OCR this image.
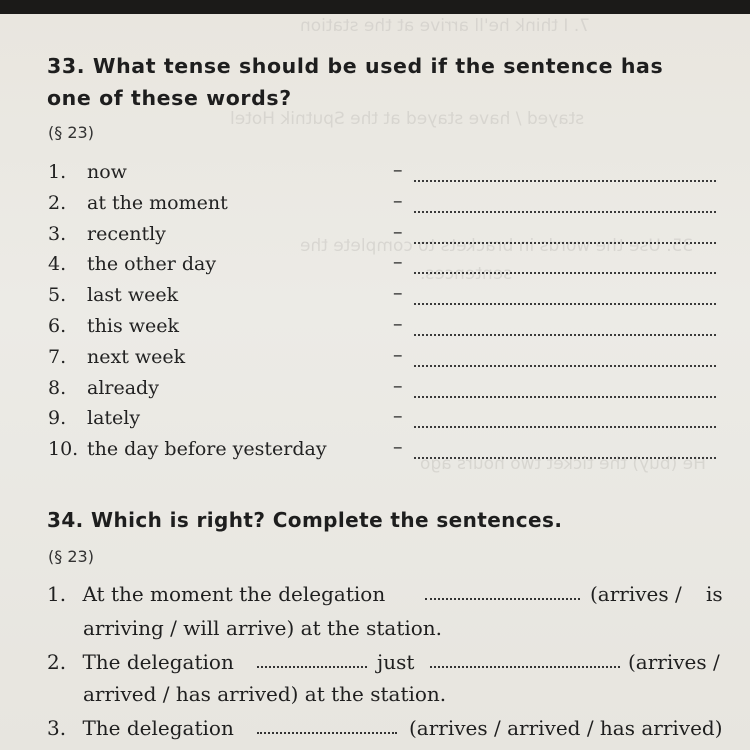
7. I think he'll arrive at the station
stayed / have stayed at the Sputnik Hotel
35. Use the words in brackets to complete the
sentences.
He (buy) the ticket two hours ago
33. What tense should be used if the sentence has
one of these words?
(§ 23)
1. now	–
2. at the moment	–
3. recently	–
4. the other day	–
5. last week	–
6. this week	–
7. next week	–
8. already	–
9. lately	–
10. the day before yesterday	–
34. Which is right? Complete the sentences.
(§ 23)
1. At the moment the delegation	(arrives / is
arriving / will arrive) at the station.
2. The delegation	just	(arrives /
arrived / has arrived) at the station.
3. The delegation	(arrives / arrived / has arrived)
